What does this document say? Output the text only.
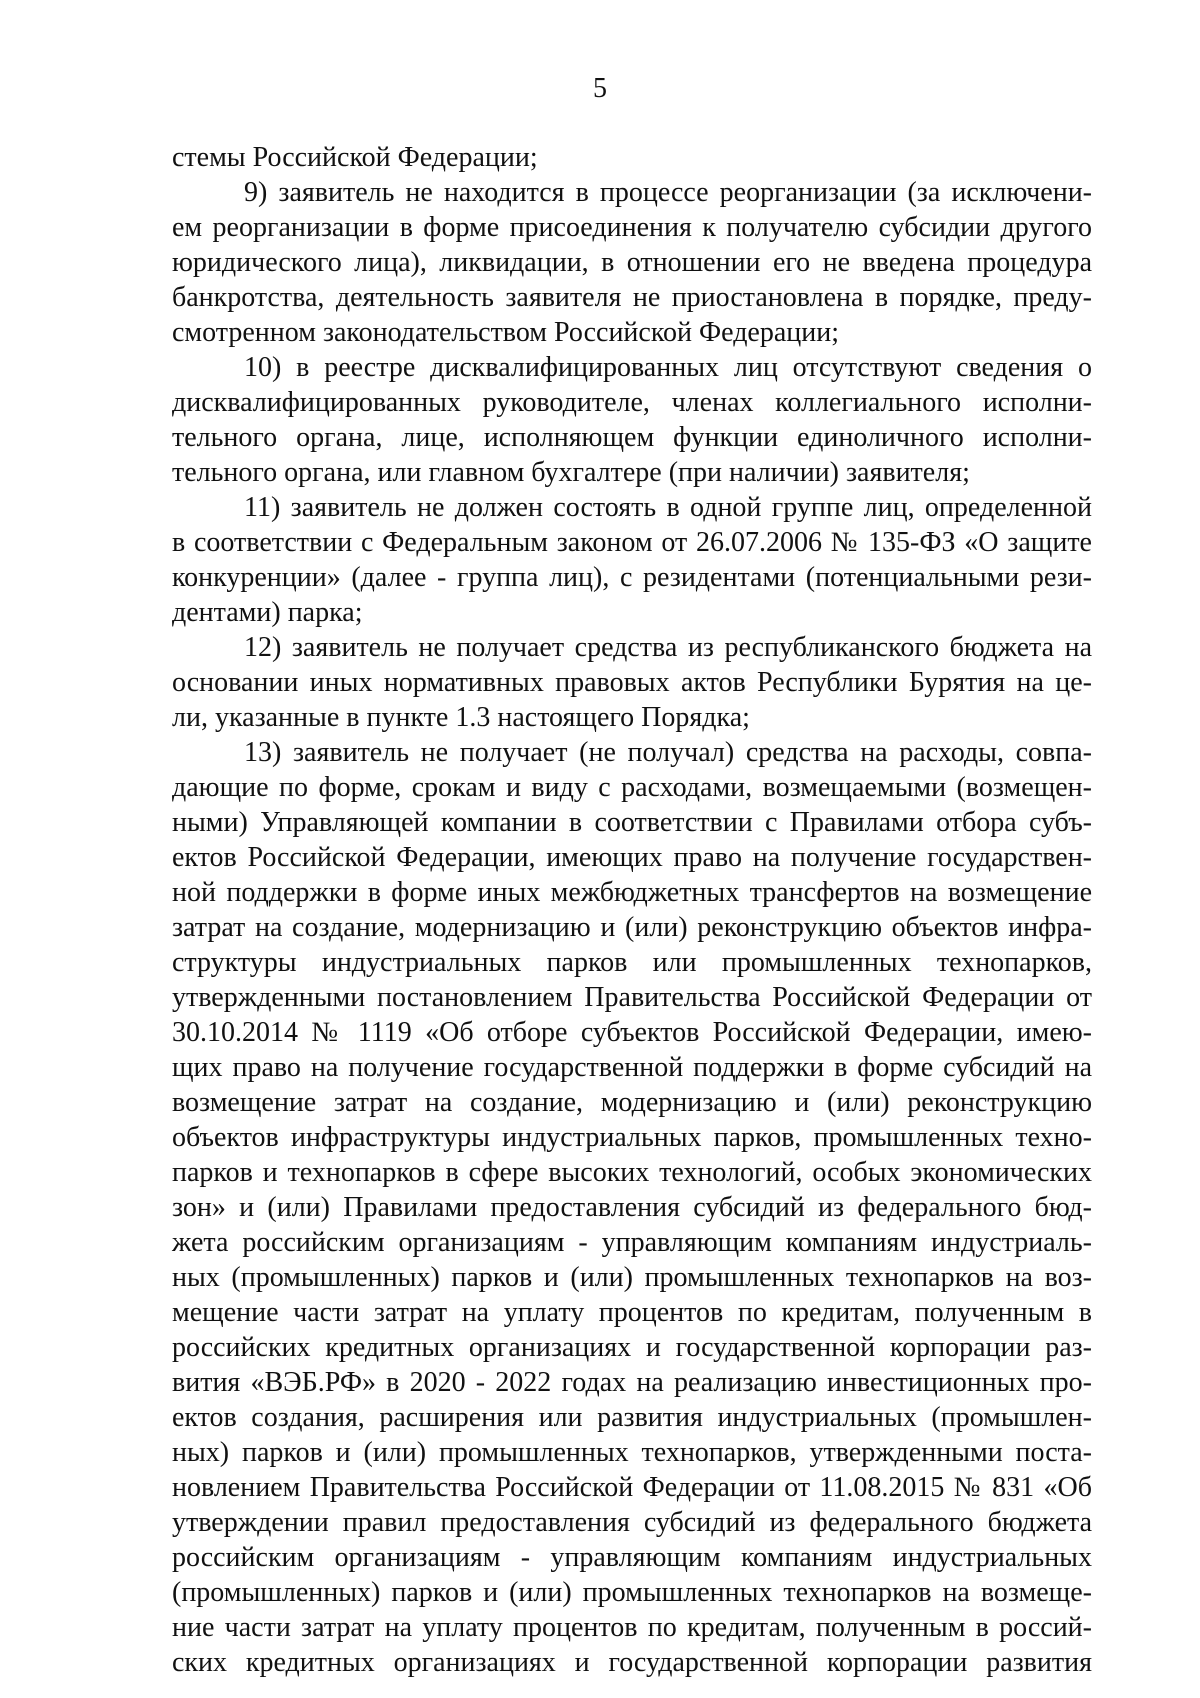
5
стемы Российской Федерации;
9) заявитель не находится в процессе реорганизации (за исключени-
ем реорганизации в форме присоединения к получателю субсидии другого
юридического лица), ликвидации, в отношении его не введена процедура
банкротства, деятельность заявителя не приостановлена в порядке, преду-
смотренном законодательством Российской Федерации;
10) в реестре дисквалифицированных лиц отсутствуют сведения о
дисквалифицированных руководителе, членах коллегиального исполни-
тельного органа, лице, исполняющем функции единоличного исполни-
тельного органа, или главном бухгалтере (при наличии) заявителя;
11) заявитель не должен состоять в одной группе лиц, определенной
в соответствии с Федеральным законом от 26.07.2006 № 135-ФЗ «О защите
конкуренции» (далее - группа лиц), с резидентами (потенциальными рези-
дентами) парка;
12) заявитель не получает средства из республиканского бюджета на
основании иных нормативных правовых актов Республики Бурятия на це-
ли, указанные в пункте 1.3 настоящего Порядка;
13) заявитель не получает (не получал) средства на расходы, совпа-
дающие по форме, срокам и виду с расходами, возмещаемыми (возмещен-
ными) Управляющей компании в соответствии с Правилами отбора субъ-
ектов Российской Федерации, имеющих право на получение государствен-
ной поддержки в форме иных межбюджетных трансфертов на возмещение
затрат на создание, модернизацию и (или) реконструкцию объектов инфра-
структуры индустриальных парков или промышленных технопарков,
утвержденными постановлением Правительства Российской Федерации от
30.10.2014 № 1119 «Об отборе субъектов Российской Федерации, имею-
щих право на получение государственной поддержки в форме субсидий на
возмещение затрат на создание, модернизацию и (или) реконструкцию
объектов инфраструктуры индустриальных парков, промышленных техно-
парков и технопарков в сфере высоких технологий, особых экономических
зон» и (или) Правилами предоставления субсидий из федерального бюд-
жета российским организациям - управляющим компаниям индустриаль-
ных (промышленных) парков и (или) промышленных технопарков на воз-
мещение части затрат на уплату процентов по кредитам, полученным в
российских кредитных организациях и государственной корпорации раз-
вития «ВЭБ.РФ» в 2020 - 2022 годах на реализацию инвестиционных про-
ектов создания, расширения или развития индустриальных (промышлен-
ных) парков и (или) промышленных технопарков, утвержденными поста-
новлением Правительства Российской Федерации от 11.08.2015 № 831 «Об
утверждении правил предоставления субсидий из федерального бюджета
российским организациям - управляющим компаниям индустриальных
(промышленных) парков и (или) промышленных технопарков на возмеще-
ние части затрат на уплату процентов по кредитам, полученным в россий-
ских кредитных организациях и государственной корпорации развития
